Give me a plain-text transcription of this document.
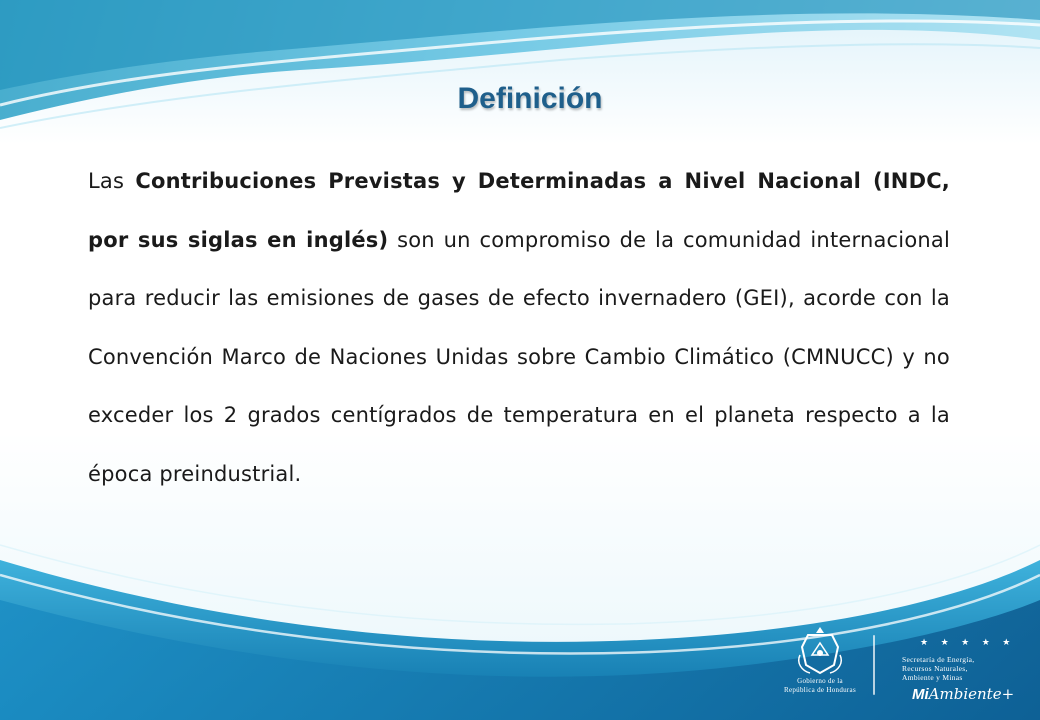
Definición
Las Contribuciones Previstas y Determinadas a Nivel Nacional (INDC, por sus siglas en inglés) son un compromiso de la comunidad internacional para reducir las emisiones de gases de efecto invernadero (GEI), acorde con la Convención Marco de Naciones Unidas sobre Cambio Climático (CMNUCC) y no exceder los 2 grados centígrados de temperatura en el planeta respecto a la época preindustrial.
Gobierno de la
República de Honduras
★ ★ ★ ★ ★
Secretaría de Energía,
Recursos Naturales,
Ambiente y Minas
MiAmbiente+
